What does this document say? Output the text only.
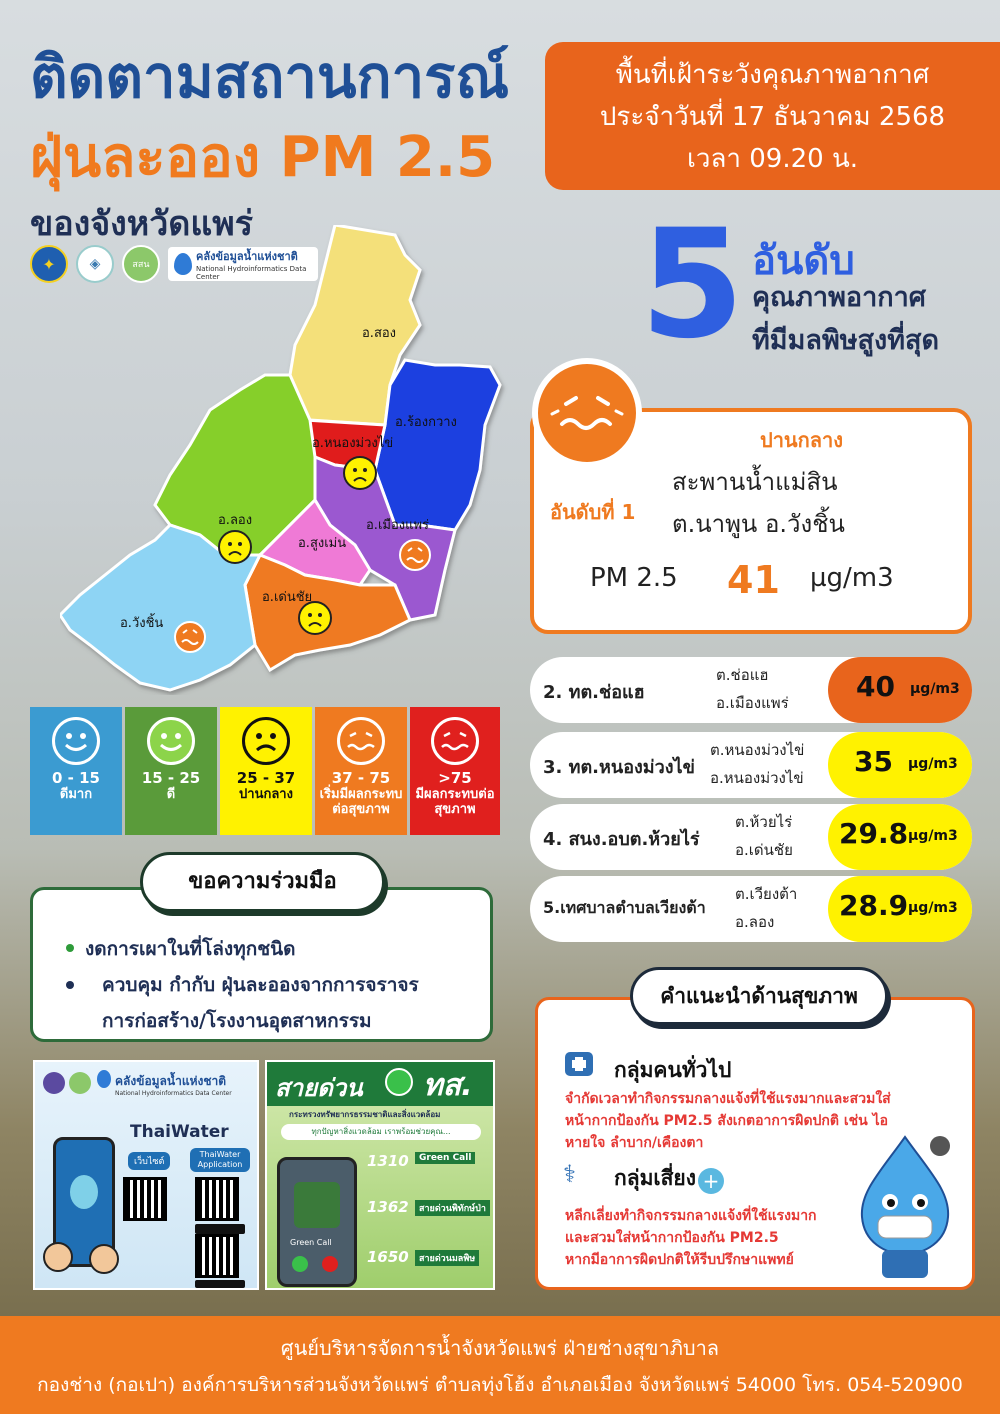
ติดตามสถานการณ์
ฝุ่นละออง PM 2.5
ของจังหวัดแพร่
พื้นที่เฝ้าระวังคุณภาพอากาศ
ประจำวันที่ 17 ธันวาคม 2568
เวลา 09.20 น.
✦ ◈	สสน
คลังข้อมูลน้ำแห่งชาติ
National Hydroinformatics Data Center
อ.สอง
อ.ร้องกวาง
อ.หนองม่วงไข่
อ.ลอง	อ.เมืองแพร่
อ.สูงเม่น
อ.เด่นชัย
อ.วังชิ้น
5 อันดับ
คุณภาพอากาศ
ที่มีมลพิษสูงที่สุด
ปานกลาง
สะพานน้ำแม่สิน
ต.นาพูน อ.วังชิ้น
อันดับที่ 1
PM 2.5 41 µg/m3
2. ทต.ช่อแฮ
ต.ช่อแฮ
อ.เมืองแพร่ 40 µg/m3
3. ทต.หนองม่วงไข่
ต.หนองม่วงไข่
อ.หนองม่วงไข่ 35 µg/m3
4. สนง.อบต.ห้วยไร่
ต.ห้วยไร่
อ.เด่นชัย 29.8 µg/m3
5.เทศบาลตำบลเวียงต้า
ต.เวียงต้า
อ.ลอง 28.9 µg/m3
0 - 15
ดีมาก
15 - 25
ดี
25 - 37
ปานกลาง
37 - 75
เริ่มมีผลกระทบต่อสุขภาพ
>75
มีผลกระทบต่อสุขภาพ
ขอความร่วมมือ
งดการเผาในที่โล่งทุกชนิด
ควบคุม กำกับ ฝุ่นละอองจากการจราจร
การก่อสร้าง/โรงงานอุตสาหกรรม
คลังข้อมูลน้ำแห่งชาติ
National Hydroinformatics Data Center
ThaiWater
เว็บไซต์
ThaiWater Application
สายด่วน ทส.
กระทรวงทรัพยากรธรรมชาติและสิ่งแวดล้อม
ทุกปัญหาสิ่งแวดล้อม เราพร้อมช่วยคุณ...
Green Call
1310	Green Call
1362	สายด่วนพิทักษ์ป่า
1650	สายด่วนมลพิษ
คำแนะนำด้านสุขภาพ
กลุ่มคนทั่วไป
จำกัดเวลาทำกิจกรรมกลางแจ้งที่ใช้แรงมากและสวมใส่
หน้ากากป้องกัน PM2.5 สังเกตอาการผิดปกติ เช่น ไอ
หายใจ ลำบาก/เคืองตา
⚕	กลุ่มเสี่ยง +
หลีกเลี่ยงทำกิจกรรมกลางแจ้งที่ใช้แรงมาก
และสวมใส่หน้ากากป้องกัน PM2.5
หากมีอาการผิดปกติให้รีบปรึกษาแพทย์
ศูนย์บริหารจัดการน้ำจังหวัดแพร่ ฝ่ายช่างสุขาภิบาล
กองช่าง (กอเปา) องค์การบริหารส่วนจังหวัดแพร่ ตำบลทุ่งโฮ้ง อำเภอเมือง จังหวัดแพร่ 54000 โทร. 054-520900
